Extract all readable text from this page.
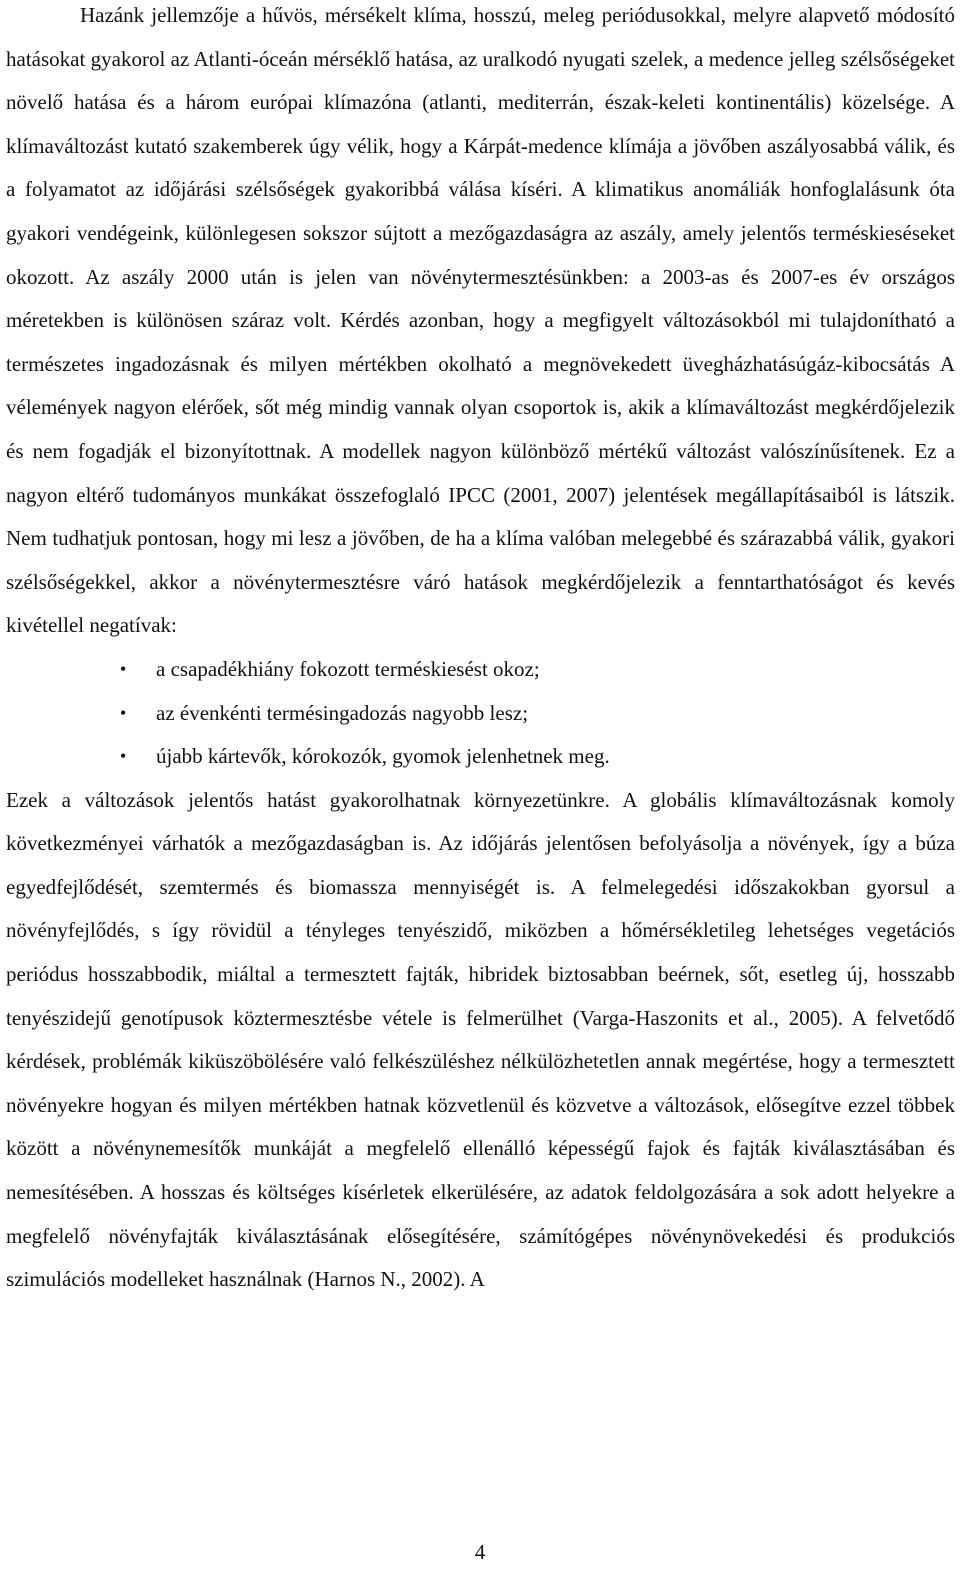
Hazánk jellemzője a hűvös, mérsékelt klíma, hosszú, meleg periódusokkal, melyre alapvető módosító hatásokat gyakorol az Atlanti-óceán mérséklő hatása, az uralkodó nyugati szelek, a medence jelleg szélsőségeket növelő hatása és a három európai klímazóna (atlanti, mediterrán, észak-keleti kontinentális) közelsége. A klímaváltozást kutató szakemberek úgy vélik, hogy a Kárpát-medence klímája a jövőben aszályosabbá válik, és a folyamatot az időjárási szélsőségek gyakoribbá válása kíséri. A klimatikus anomáliák honfoglalásunk óta gyakori vendégeink, különlegesen sokszor sújtott a mezőgazdaságra az aszály, amely jelentős terméskieséseket okozott. Az aszály 2000 után is jelen van növénytermesztésünkben: a 2003-as és 2007-es év országos méretekben is különösen száraz volt. Kérdés azonban, hogy a megfigyelt változásokból mi tulajdonítható a természetes ingadozásnak és milyen mértékben okolható a megnövekedett üvegházhatásúgáz-kibocsátás A vélemények nagyon elérőek, sőt még mindig vannak olyan csoportok is, akik a klímaváltozást megkérdőjelezik és nem fogadják el bizonyítottnak. A modellek nagyon különböző mértékű változást valószínűsítenek. Ez a nagyon eltérő tudományos munkákat összefoglaló IPCC (2001, 2007) jelentések megállapításaiból is látszik. Nem tudhatjuk pontosan, hogy mi lesz a jövőben, de ha a klíma valóban melegebbé és szárazabbá válik, gyakori szélsőségekkel, akkor a növénytermesztésre váró hatások megkérdőjelezik a fenntarthatóságot és kevés kivétellel negatívak:

• a csapadékhiány fokozott terméskiesést okoz;
• az évenkénti termésingadozás nagyobb lesz;
• újabb kártevők, kórokozók, gyomok jelenhetnek meg.

Ezek a változások jelentős hatást gyakorolhatnak környezetünkre. A globális klímaváltozásnak komoly következményei várhatók a mezőgazdaságban is. Az időjárás jelentősen befolyásolja a növények, így a búza egyedfejlődését, szemtermés és biomassza mennyiségét is. A felmelegedési időszakokban gyorsul a növényfejlődés, s így rövidül a tényleges tenyészidő, miközben a hőmérsékletileg lehetséges vegetációs periódus hosszabbodik, miáltal a termesztett fajták, hibridek biztosabban beérnek, sőt, esetleg új, hosszabb tenyészidejű genotípusok köztermesztésbe vétele is felmerülhet (Varga-Haszonits et al., 2005). A felvetődő kérdések, problémák kiküszöbölésére való felkészüléshez nélkülözhetetlen annak megértése, hogy a termesztett növényekre hogyan és milyen mértékben hatnak közvetlenül és közvetve a változások, elősegítve ezzel többek között a növénynemesítők munkáját a megfelelő ellenálló képességű fajok és fajták kiválasztásában és nemesítésében. A hosszas és költséges kísérletek elkerülésére, az adatok feldolgozására a sok adott helyekre a megfelelő növényfajták kiválasztásának elősegítésére, számítógépes növénynövekedési és produkciós szimulációs modelleket használnak (Harnos N., 2002). A

4
